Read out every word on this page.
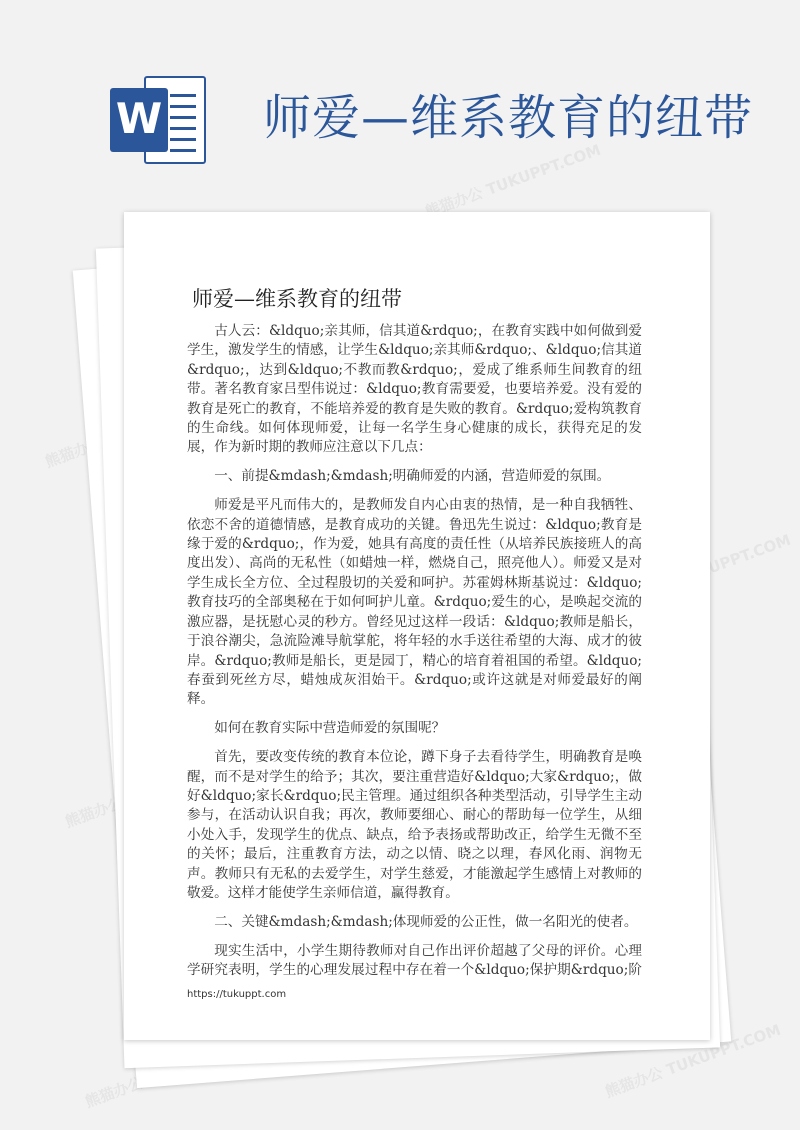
W 师爱—维系教育的纽带
熊猫办公 TUKUPPT.COM
熊猫办公
TUKUPPT.COM
熊猫办公
熊猫办公 TUKUPPT.COM
师爱—维系教育的纽带

古人云：&ldquo;亲其师，信其道&rdquo;，在教育实践中如何做到爱学生，激发学生的情感，让学生&ldquo;亲其师&rdquo;、&ldquo;信其道&rdquo;，达到&ldquo;不教而教&rdquo;，爱成了维系师生间教育的纽带。著名教育家吕型伟说过：&ldquo;教育需要爱，也要培养爱。没有爱的教育是死亡的教育，不能培养爱的教育是失败的教育。&rdquo;爱构筑教育的生命线。如何体现师爱，让每一名学生身心健康的成长，获得充足的发展，作为新时期的教师应注意以下几点：

一、前提&mdash;&mdash;明确师爱的内涵，营造师爱的氛围。

师爱是平凡而伟大的，是教师发自内心由衷的热情，是一种自我牺牲、依恋不舍的道德情感，是教育成功的关键。鲁迅先生说过：&ldquo;教育是缘于爱的&rdquo;，作为爱，她具有高度的责任性（从培养民族接班人的高度出发）、高尚的无私性（如蜡烛一样，燃烧自己，照亮他人）。师爱又是对学生成长全方位、全过程殷切的关爱和呵护。苏霍姆林斯基说过：&ldquo;教育技巧的全部奥秘在于如何呵护儿童。&rdquo;爱生的心，是唤起交流的激应器，是抚慰心灵的秒方。曾经见过这样一段话：&ldquo;教师是船长，于浪谷潮尖，急流险滩导航掌舵，将年轻的水手送往希望的大海、成才的彼岸。&rdquo;教师是船长，更是园丁，精心的培育着祖国的希望。&ldquo;春蚕到死丝方尽，蜡烛成灰泪始干。&rdquo;或许这就是对师爱最好的阐释。

如何在教育实际中营造师爱的氛围呢？

首先，要改变传统的教育本位论，蹲下身子去看待学生，明确教育是唤醒，而不是对学生的给予；其次，要注重营造好&ldquo;大家&rdquo;，做好&ldquo;家长&rdquo;民主管理。通过组织各种类型活动，引导学生主动参与，在活动认识自我；再次，教师要细心、耐心的帮助每一位学生，从细小处入手，发现学生的优点、缺点，给予表扬或帮助改正，给学生无微不至的关怀；最后，注重教育方法，动之以情、晓之以理，春风化雨、润物无声。教师只有无私的去爱学生，对学生慈爱，才能激起学生感情上对教师的敬爱。这样才能使学生亲师信道，赢得教育。

二、关键&mdash;&mdash;体现师爱的公正性，做一名阳光的使者。

现实生活中，小学生期待教师对自己作出评价超越了父母的评价。心理学研究表明，学生的心理发展过程中存在着一个&ldquo;保护期&rdquo;阶

https://tukuppt.com
